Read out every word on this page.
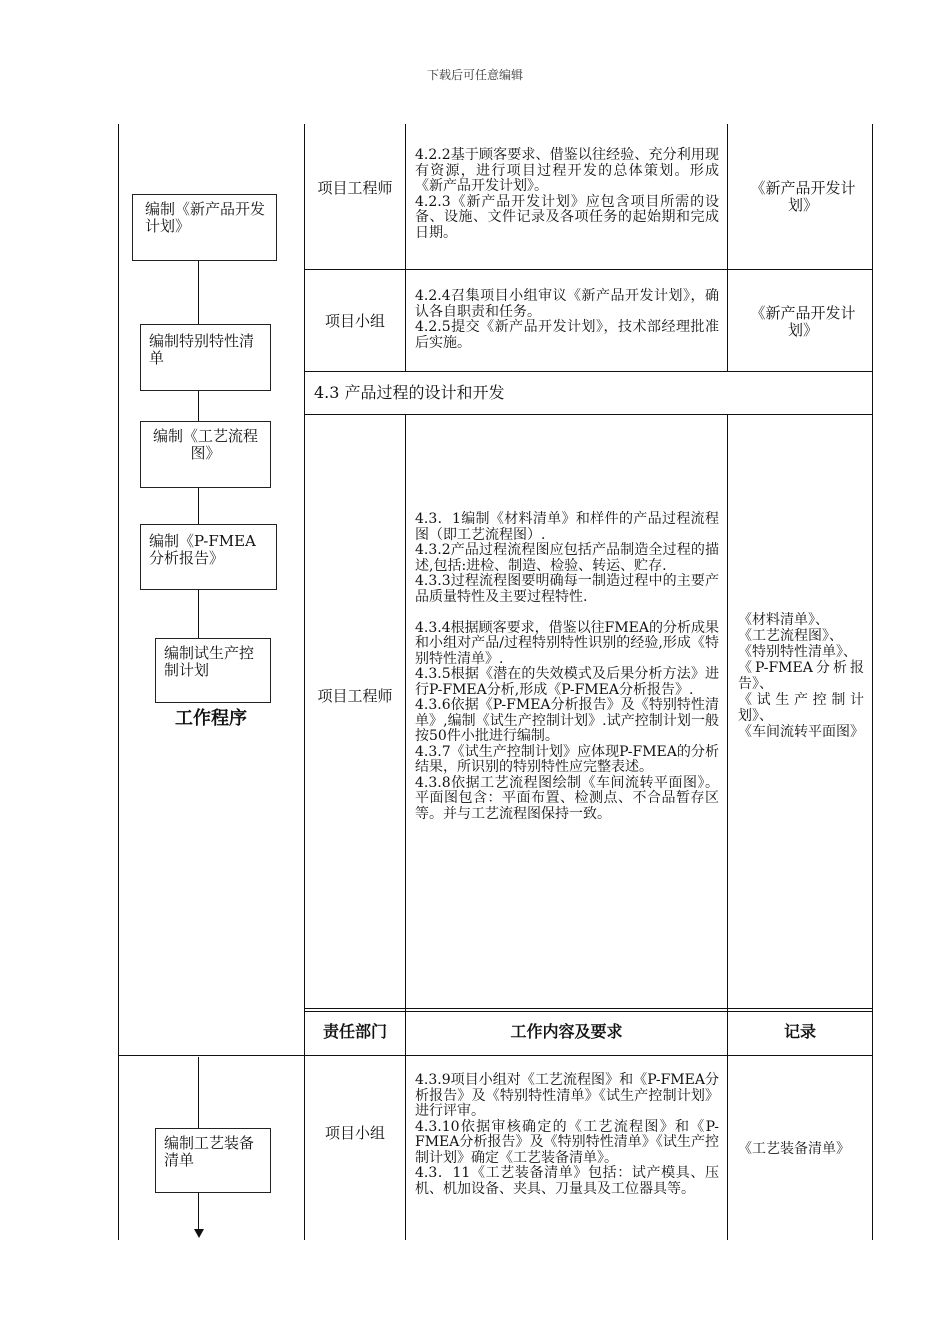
下载后可任意编辑
编制《新产品开发计划》
编制特别特性清单
编制《工艺流程图》
编制《P-FMEA分析报告》
编制试生产控制计划
工作程序
编制工艺装备清单
项目工程师
4.2.2基于顾客要求、借鉴以往经验、充分利用现有资源，进行项目过程开发的总体策划。形成《新产品开发计划》。
4.2.3《新产品开发计划》应包含项目所需的设备、设施、文件记录及各项任务的起始期和完成日期。
《新产品开发计划》
项目小组
4.2.4召集项目小组审议《新产品开发计划》，确认各自职责和任务。
4.2.5提交《新产品开发计划》，技术部经理批准后实施。
《新产品开发计划》
4.3 产品过程的设计和开发
项目工程师
4.3．1编制《材料清单》和样件的产品过程流程图（即工艺流程图）.
4.3.2产品过程流程图应包括产品制造全过程的描述,包括:进检、制造、检验、转运、贮存.
4.3.3过程流程图要明确每一制造过程中的主要产品质量特性及主要过程特性.

4.3.4根据顾客要求，借鉴以往FMEA的分析成果和小组对产品/过程特别特性识别的经验,形成《特别特性清单》.
4.3.5根据《潜在的失效模式及后果分析方法》进行P-FMEA分析,形成《P-FMEA分析报告》.
4.3.6依据《P-FMEA分析报告》及《特别特性清单》,编制《试生产控制计划》.试产控制计划一般按50件小批进行编制。
4.3.7《试生产控制计划》应体现P-FMEA的分析结果，所识别的特别特性应完整表述。
4.3.8依据工艺流程图绘制《车间流转平面图》。平面图包含：平面布置、检测点、不合品暂存区等。并与工艺流程图保持一致。
《材料清单》、
《工艺流程图》、
《特别特性清单》、
《P-FMEA分析报告》、
《试生产控制计划》、
《车间流转平面图》
责任部门	工作内容及要求	记录
项目小组
4.3.9项目小组对《工艺流程图》和《P-FMEA分析报告》及《特别特性清单》《试生产控制计划》进行评审。
4.3.10依据审核确定的《工艺流程图》和《P-FMEA分析报告》及《特别特性清单》《试生产控制计划》确定《工艺装备清单》。
4.3．11《工艺装备清单》包括：试产模具、压机、机加设备、夹具、刀量具及工位器具等。
《工艺装备清单》
